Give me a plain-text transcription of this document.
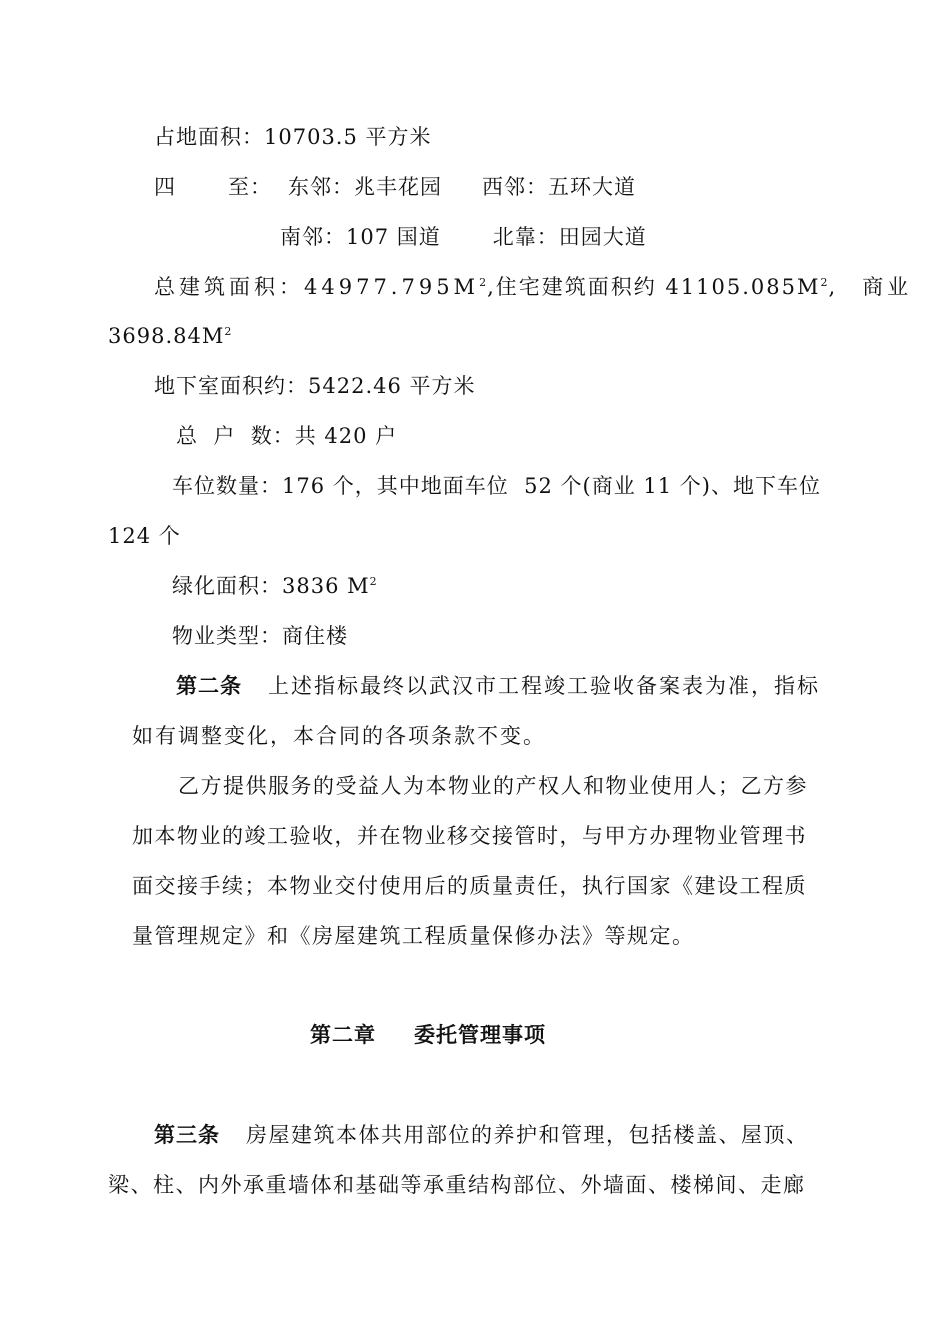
占地面积：10703.5 平方米
四 至： 东邻：兆丰花园 西邻：五环大道
南邻：107 国道 北靠：田园大道
总建筑面积：$44977.795M^2$,住宅建筑面积约 $41105.085M^2$, 商业
$3698.84M^2$
地下室面积约：5422.46 平方米
总  户  数：共 420 户
车位数量：176 个，其中地面车位  52 个(商业 11 个)、地下车位
124 个
绿化面积：3836 $M^2$
物业类型：商住楼
第二条 上述指标最终以武汉市工程竣工验收备案表为准，指标
如有调整变化，本合同的各项条款不变。
乙方提供服务的受益人为本物业的产权人和物业使用人；乙方参
加本物业的竣工验收，并在物业移交接管时，与甲方办理物业管理书
面交接手续；本物业交付使用后的质量责任，执行国家《建设工程质
量管理规定》和《房屋建筑工程质量保修办法》等规定。
第二章 委托管理事项
第三条 房屋建筑本体共用部位的养护和管理，包括楼盖、屋顶、
梁、柱、内外承重墙体和基础等承重结构部位、外墙面、楼梯间、走廊
